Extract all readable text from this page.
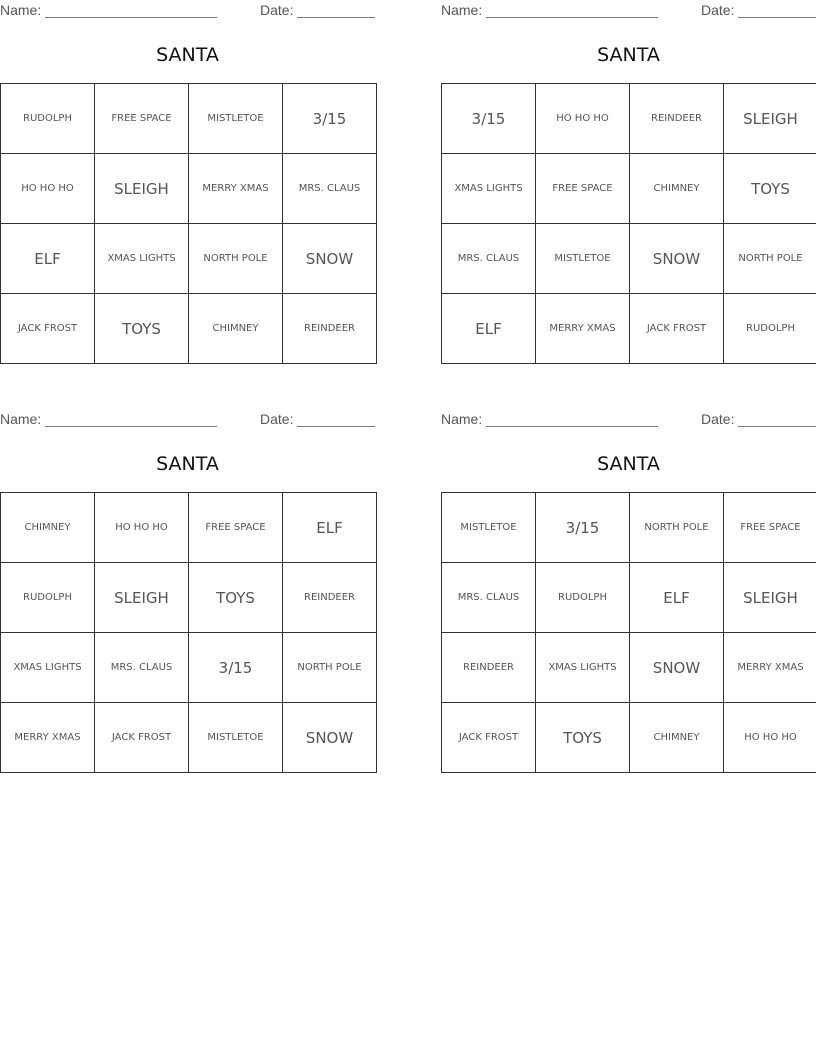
Name:	Date:
SANTA
RUDOLPH	FREE SPACE	MISTLETOE	3/15
HO HO HO	SLEIGH	MERRY XMAS	MRS. CLAUS
ELF	XMAS LIGHTS	NORTH POLE	SNOW
JACK FROST	TOYS	CHIMNEY	REINDEER
Name:	Date:
SANTA
3/15	HO HO HO	REINDEER	SLEIGH
XMAS LIGHTS	FREE SPACE	CHIMNEY	TOYS
MRS. CLAUS	MISTLETOE	SNOW	NORTH POLE
ELF	MERRY XMAS	JACK FROST	RUDOLPH
Name:	Date:
SANTA
CHIMNEY	HO HO HO	FREE SPACE	ELF
RUDOLPH	SLEIGH	TOYS	REINDEER
XMAS LIGHTS	MRS. CLAUS	3/15	NORTH POLE
MERRY XMAS	JACK FROST	MISTLETOE	SNOW
Name:	Date:
SANTA
MISTLETOE	3/15	NORTH POLE	FREE SPACE
MRS. CLAUS	RUDOLPH	ELF	SLEIGH
REINDEER	XMAS LIGHTS	SNOW	MERRY XMAS
JACK FROST	TOYS	CHIMNEY	HO HO HO
